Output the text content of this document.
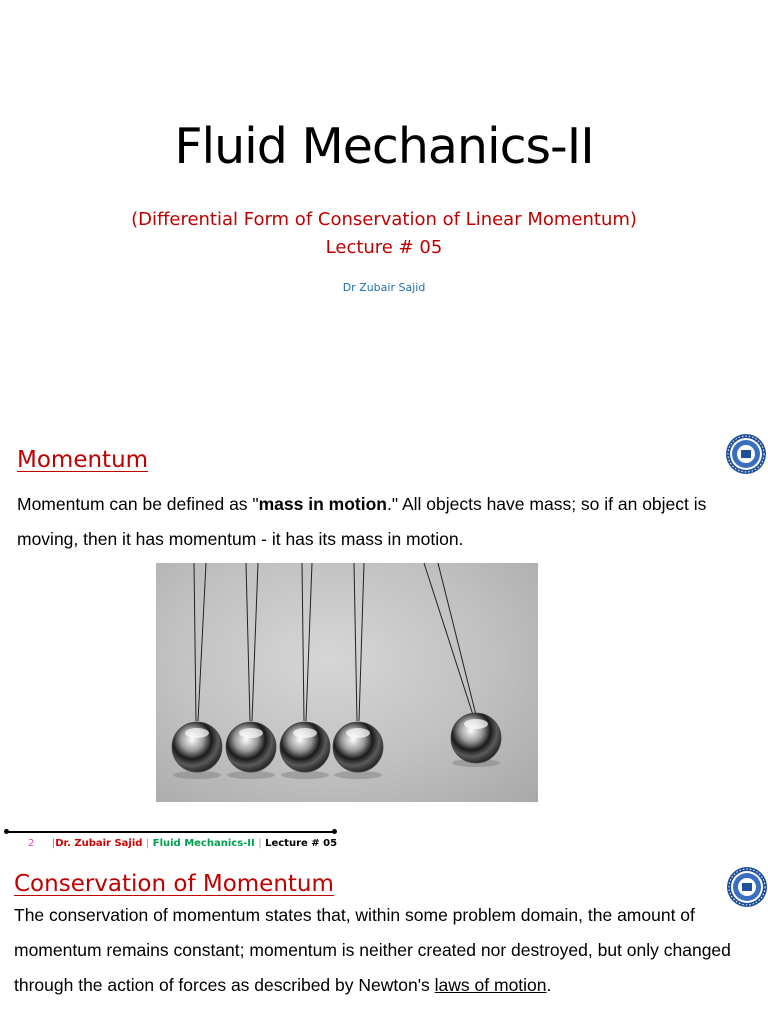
Fluid Mechanics-II
(Differential Form of Conservation of Linear Momentum)
Lecture # 05
Dr Zubair Sajid
Momentum
Momentum can be defined as "mass in motion." All objects have mass; so if an object is moving, then it has momentum - it has its mass in motion.
2 |Dr. Zubair Sajid | Fluid Mechanics-II | Lecture # 05
Conservation of Momentum
The conservation of momentum states that, within some problem domain, the amount of momentum remains constant; momentum is neither created nor destroyed, but only changed through the action of forces as described by Newton's laws of motion.
